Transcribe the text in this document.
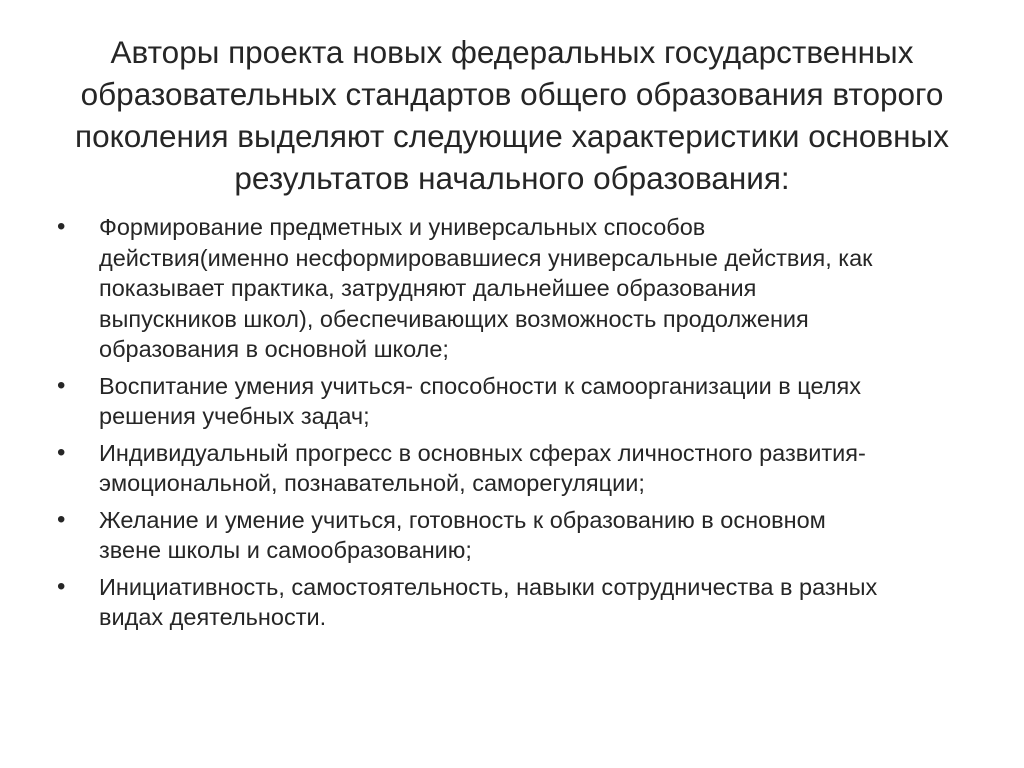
Авторы проекта новых федеральных государственных
образовательных стандартов общего образования второго
поколения выделяют следующие характеристики основных
результатов начального образования:
• Формирование предметных и универсальных способов
действия(именно несформировавшиеся универсальные действия, как
показывает практика, затрудняют дальнейшее образования
выпускников школ), обеспечивающих возможность продолжения
образования в основной школе;
• Воспитание умения учиться- способности к самоорганизации в целях
решения учебных задач;
• Индивидуальный прогресс в основных сферах личностного развития-
эмоциональной, познавательной, саморегуляции;
• Желание и умение учиться, готовность к образованию в основном
звене школы и самообразованию;
• Инициативность, самостоятельность, навыки сотрудничества в разных
видах деятельности.
